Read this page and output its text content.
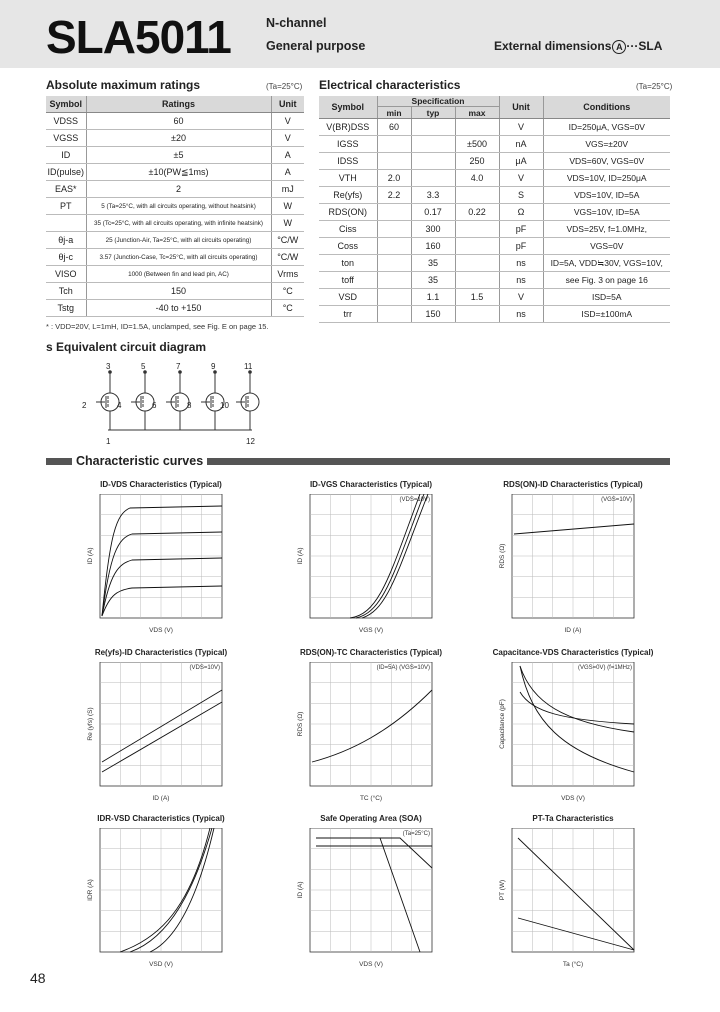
SLA5011	N-channel
General purpose	External dimensions A ···SLA
Absolute maximum ratings	(Ta=25°C)
Symbol	Ratings	Unit
VDSS	60	V
VGSS	±20	V
ID	±5	A
ID(pulse)	±10(PW≦1ms)	A
EAS*	2	mJ
PT	5 (Ta=25°C, with all circuits operating, without heatsink)	W
	35 (Tc=25°C, with all circuits operating, with infinite heatsink)	W
θj-a	25 (Junction-Air, Ta=25°C, with all circuits operating)	°C/W
θj-c	3.57 (Junction-Case, Tc=25°C, with all circuits operating)	°C/W
VISO	1000 (Between fin and lead pin, AC)	Vrms
Tch	150	°C
Tstg	-40 to +150	°C
Electrical characteristics	(Ta=25°C)
Symbol	Specification			Unit	Conditions
	min	typ	max		
V(BR)DSS	60			V	ID=250μA, VGS=0V
IGSS			±500	nA	VGS=±20V
IDSS			250	μA	VDS=60V, VGS=0V
VTH	2.0		4.0	V	VDS=10V, ID=250μA
Re(yfs)	2.2	3.3		S	VDS=10V, ID=5A
RDS(ON)		0.17	0.22	Ω	VGS=10V, ID=5A
Ciss		300		pF	VDS=25V, f=1.0MHz,
Coss		160		pF	VGS=0V
ton		35		ns	ID=5A, VDD≒30V, VGS=10V,
toff		35		ns	see Fig. 3 on page 16
VSD		1.1	1.5	V	ISD=5A
trr		150		ns	ISD=±100mA
* : VDD=20V, L=1mH, ID=1.5A, unclamped, see Fig. E on page 15.
s Equivalent circuit diagram
3	5	7	9	11
2	4	6	8	10
1	12
Characteristic curves
ID-VDS Characteristics (Typical)
VDS (V)
ID (A)
ID-VGS Characteristics (Typical)
VGS (V)
ID (A)
(VDS=10V)
RDS(ON)-ID Characteristics (Typical)
ID (A)
RDS (Ω)
(VGS=10V)
Re(yfs)-ID Characteristics (Typical)
ID (A)
Re (yfs) (S)
(VDS=10V)
RDS(ON)-TC Characteristics (Typical)
TC (°C)
RDS (Ω)
(ID=5A) (VGS=10V)
Capacitance-VDS Characteristics (Typical)
VDS (V)
Capacitance (pF)
(VGS=0V) (f=1MHz)
IDR-VSD Characteristics (Typical)
VSD (V)
IDR (A)
Safe Operating Area (SOA)
VDS (V)
ID (A)
(Ta=25°C)
PT-Ta Characteristics
Ta (°C)
PT (W)
48
